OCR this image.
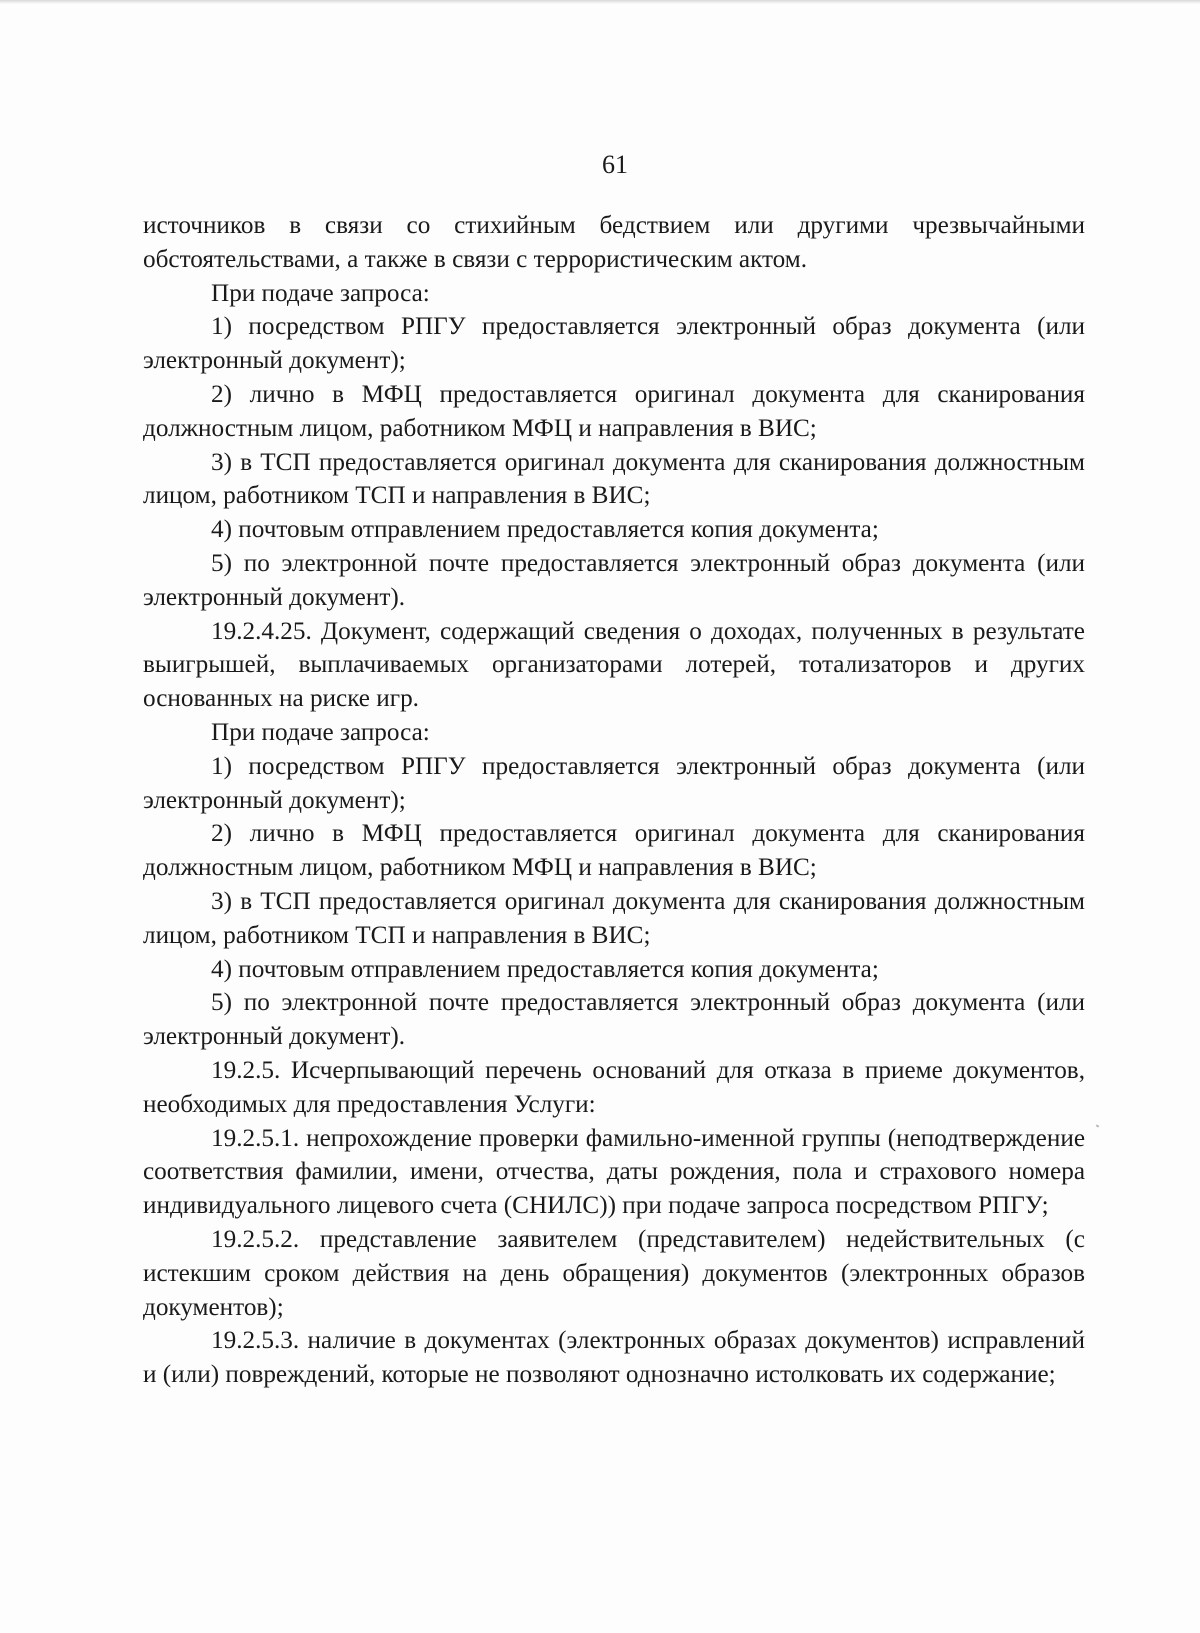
61

источников в связи со стихийным бедствием или другими чрезвычайными обстоятельствами, а также в связи с террористическим актом.

При подаче запроса:

1) посредством РПГУ предоставляется электронный образ документа (или электронный документ);

2) лично в МФЦ предоставляется оригинал документа для сканирования должностным лицом, работником МФЦ и направления в ВИС;

3) в ТСП предоставляется оригинал документа для сканирования должностным лицом, работником ТСП и направления в ВИС;

4) почтовым отправлением предоставляется копия документа;

5) по электронной почте предоставляется электронный образ документа (или электронный документ).

19.2.4.25. Документ, содержащий сведения о доходах, полученных в результате выигрышей, выплачиваемых организаторами лотерей, тотализаторов и других основанных на риске игр.

При подаче запроса:

1) посредством РПГУ предоставляется электронный образ документа (или электронный документ);

2) лично в МФЦ предоставляется оригинал документа для сканирования должностным лицом, работником МФЦ и направления в ВИС;

3) в ТСП предоставляется оригинал документа для сканирования должностным лицом, работником ТСП и направления в ВИС;

4) почтовым отправлением предоставляется копия документа;

5) по электронной почте предоставляется электронный образ документа (или электронный документ).

19.2.5. Исчерпывающий перечень оснований для отказа в приеме документов, необходимых для предоставления Услуги:

19.2.5.1. непрохождение проверки фамильно-именной группы (неподтверждение соответствия фамилии, имени, отчества, даты рождения, пола и страхового номера индивидуального лицевого счета (СНИЛС)) при подаче запроса посредством РПГУ;

19.2.5.2. представление заявителем (представителем) недействительных (с истекшим сроком действия на день обращения) документов (электронных образов документов);

19.2.5.3. наличие в документах (электронных образах документов) исправлений и (или) повреждений, которые не позволяют однозначно истолковать их содержание;
